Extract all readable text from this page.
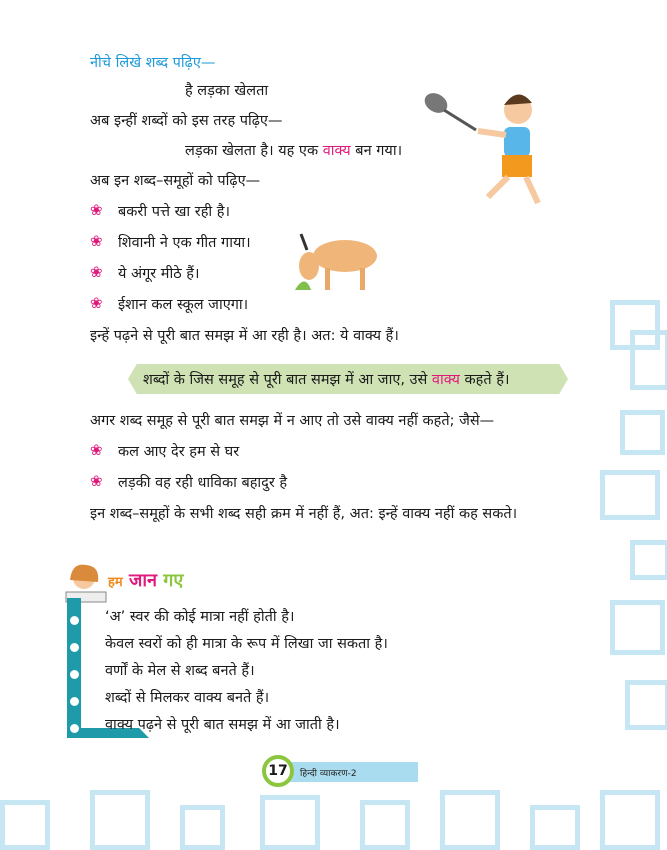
नीचे लिखे शब्द पढ़िए—
है लड़का खेलता
अब इन्हीं शब्दों को इस तरह पढ़िए—
लड़का खेलता है। यह एक वाक्य बन गया।
अब इन शब्द–समूहों को पढ़िए—
❀ बकरी पत्ते खा रही है।
❀ शिवानी ने एक गीत गाया।
❀ ये अंगूर मीठे हैं।
❀ ईशान कल स्कूल जाएगा।
इन्हें पढ़ने से पूरी बात समझ में आ रही है। अत: ये वाक्य हैं।
शब्दों के जिस समूह से पूरी बात समझ में आ जाए, उसे वाक्य कहते हैं।
अगर शब्द समूह से पूरी बात समझ में न आए तो उसे वाक्य नहीं कहते; जैसे—
❀ कल आए देर हम से घर
❀ लड़की वह रही धाविका बहादुर है
इन शब्द–समूहों के सभी शब्द सही क्रम में नहीं हैं, अत: इन्हें वाक्य नहीं कह सकते।
हम जान गए
‘अ’ स्वर की कोई मात्रा नहीं होती है।
केवल स्वरों को ही मात्रा के रूप में लिखा जा सकता है।
वर्णों के मेल से शब्द बनते हैं।
शब्दों से मिलकर वाक्य बनते हैं।
वाक्य पढ़ने से पूरी बात समझ में आ जाती है।
17	हिन्दी व्याकरण-2
